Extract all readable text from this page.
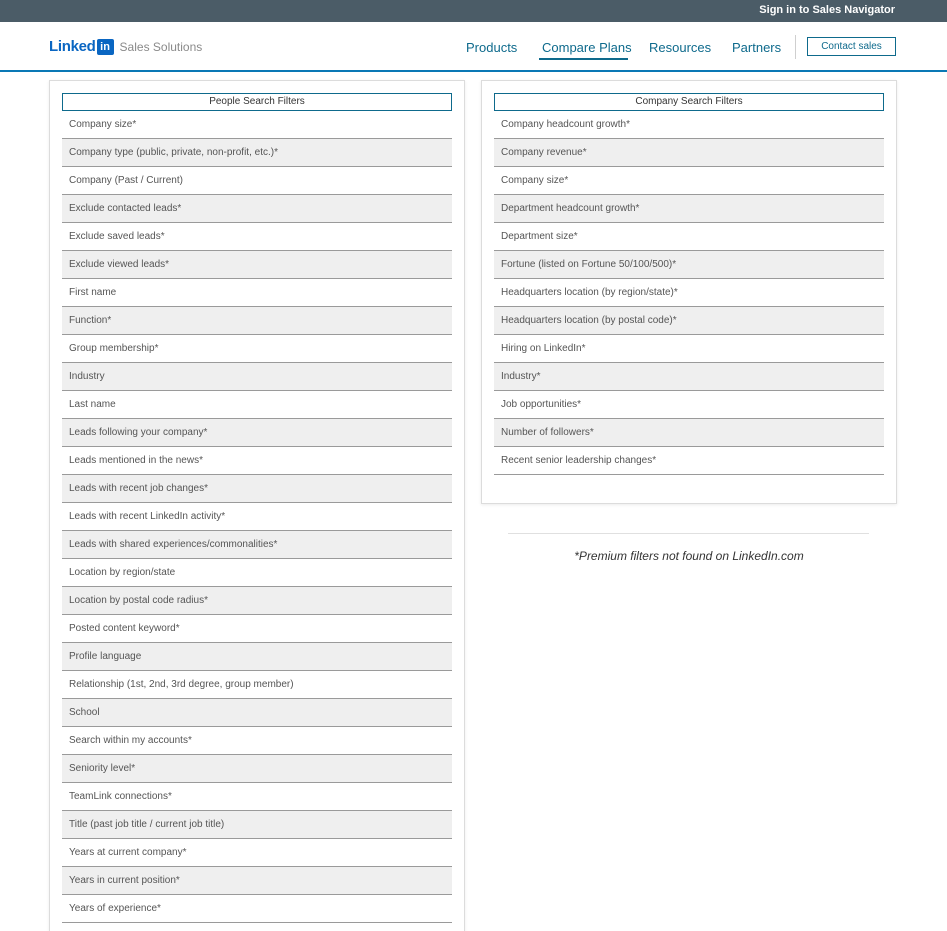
Sign in to Sales Navigator
Linked in Sales Solutions	Products Compare Plans Resources Partners	Contact sales
People Search Filters
Company size*
Company type (public, private, non-profit, etc.)*
Company (Past / Current)
Exclude contacted leads*
Exclude saved leads*
Exclude viewed leads*
First name
Function*
Group membership*
Industry
Last name
Leads following your company*
Leads mentioned in the news*
Leads with recent job changes*
Leads with recent LinkedIn activity*
Leads with shared experiences/commonalities*
Location by region/state
Location by postal code radius*
Posted content keyword*
Profile language
Relationship (1st, 2nd, 3rd degree, group member)
School
Search within my accounts*
Seniority level*
TeamLink connections*
Title (past job title / current job title)
Years at current company*
Years in current position*
Years of experience*
Company Search Filters
Company headcount growth*
Company revenue*
Company size*
Department headcount growth*
Department size*
Fortune (listed on Fortune 50/100/500)*
Headquarters location (by region/state)*
Headquarters location (by postal code)*
Hiring on LinkedIn*
Industry*
Job opportunities*
Number of followers*
Recent senior leadership changes*
*Premium filters not found on LinkedIn.com
